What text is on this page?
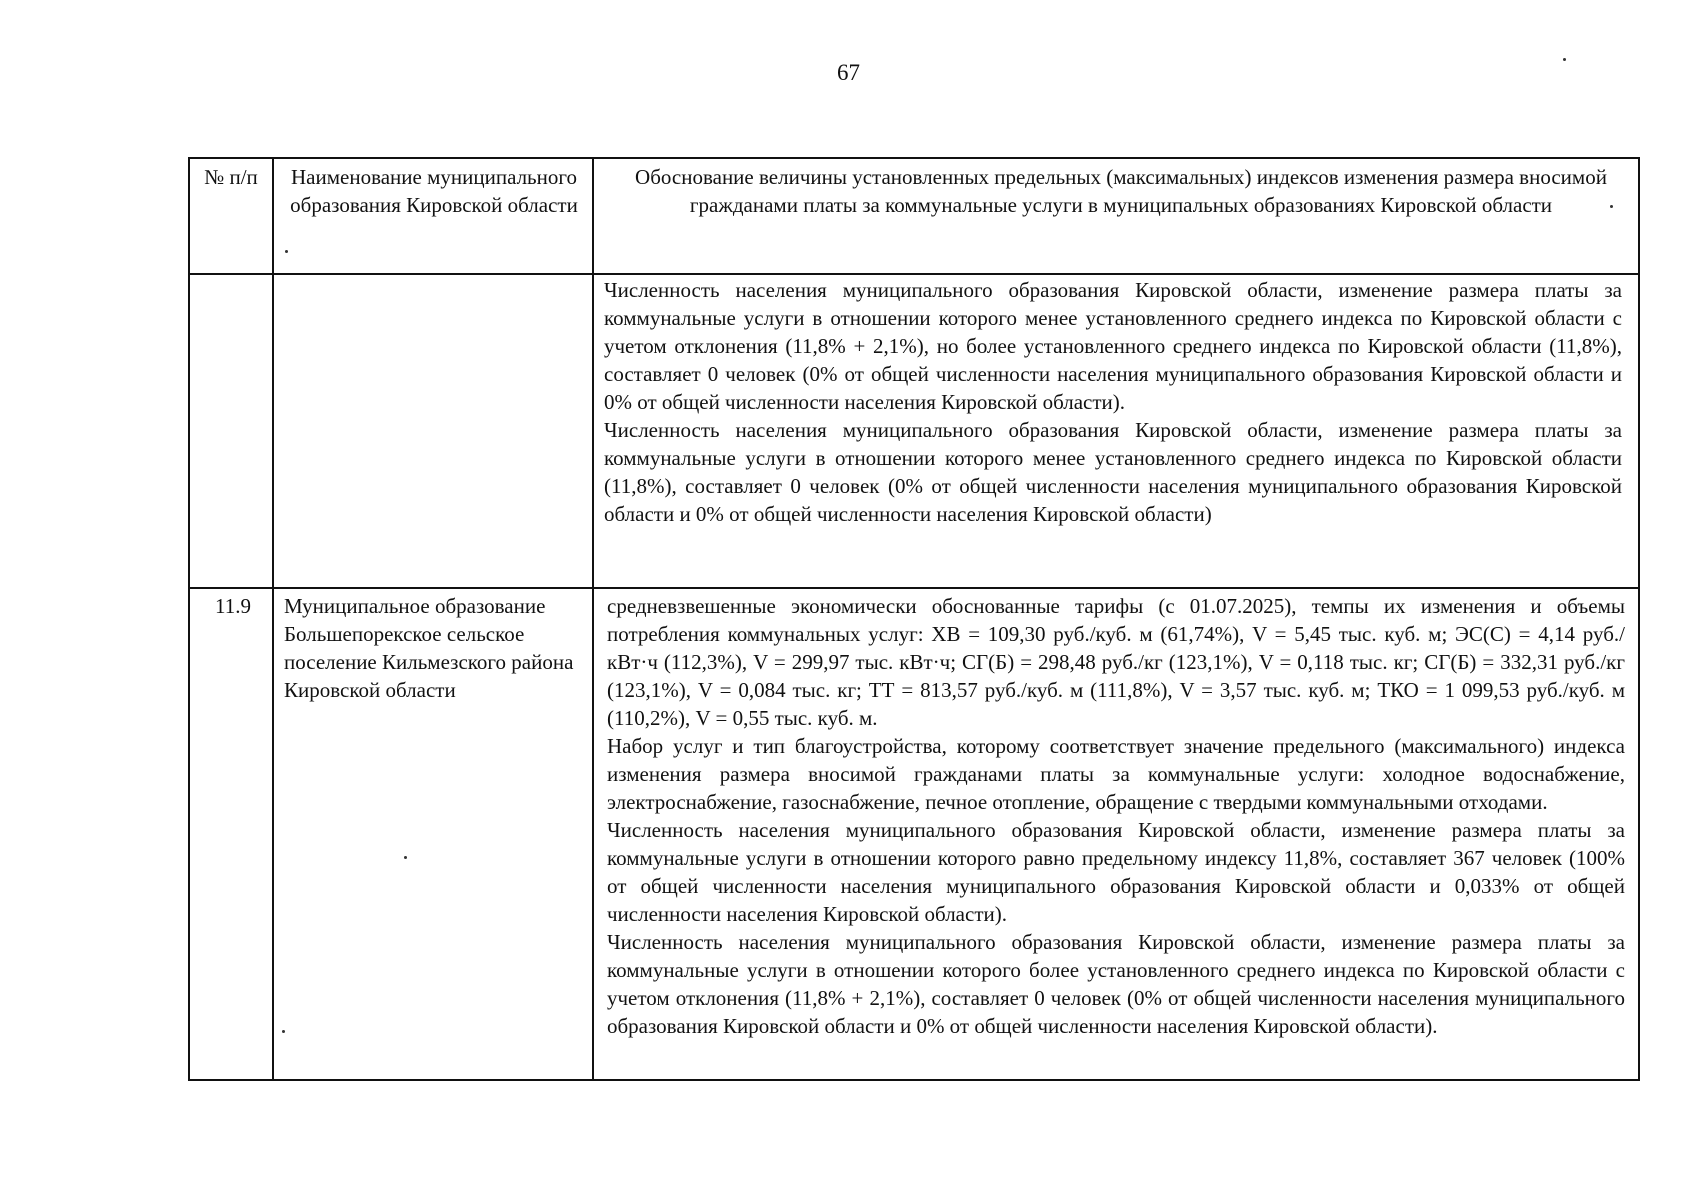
67
№ п/п	Наименование муниципального образования Кировской области
Обоснование величины установленных предельных (максимальных) индексов изменения размера вносимой гражданами платы за коммунальные услуги в муниципальных образованиях Кировской области

Численность населения муниципального образования Кировской области, изменение размера платы за коммунальные услуги в отношении которого менее установленного среднего индекса по Кировской области с учетом отклонения (11,8% + 2,1%), но более установленного среднего индекса по Кировской области (11,8%), составляет 0 человек (0% от общей численности населения муниципального образования Кировской области и 0% от общей численности населения Кировской области).

Численность населения муниципального образования Кировской области, изменение размера платы за коммунальные услуги в отношении которого менее установленного среднего индекса по Кировской области (11,8%), составляет 0 человек (0% от общей численности населения муниципального образования Кировской области и 0% от общей численности населения Кировской области)

11.9	Муниципальное образование Большепорекское сельское поселение Кильмезского района Кировской области

средневзвешенные экономически обоснованные тарифы (с 01.07.2025), темпы их изменения и объемы потребления коммунальных услуг: ХВ = 109,30 руб./куб. м (61,74%), V = 5,45 тыс. куб. м; ЭС(С) = 4,14 руб./кВт·ч (112,3%), V = 299,97 тыс. кВт·ч; СГ(Б) = 298,48 руб./кг (123,1%), V = 0,118 тыс. кг; СГ(Б) = 332,31 руб./кг (123,1%), V = 0,084 тыс. кг; ТТ = 813,57 руб./куб. м (111,8%), V = 3,57 тыс. куб. м; ТКО = 1 099,53 руб./куб. м (110,2%), V = 0,55 тыс. куб. м.

Набор услуг и тип благоустройства, которому соответствует значение предельного (максимального) индекса изменения размера вносимой гражданами платы за коммунальные услуги: холодное водоснабжение, электроснабжение, газоснабжение, печное отопление, обращение с твердыми коммунальными отходами.

Численность населения муниципального образования Кировской области, изменение размера платы за коммунальные услуги в отношении которого равно предельному индексу 11,8%, составляет 367 человек (100% от общей численности населения муниципального образования Кировской области и 0,033% от общей численности населения Кировской области).

Численность населения муниципального образования Кировской области, изменение размера платы за коммунальные услуги в отношении которого более установленного среднего индекса по Кировской области с учетом отклонения (11,8% + 2,1%), составляет 0 человек (0% от общей численности населения муниципального образования Кировской области и 0% от общей численности населения Кировской области).
